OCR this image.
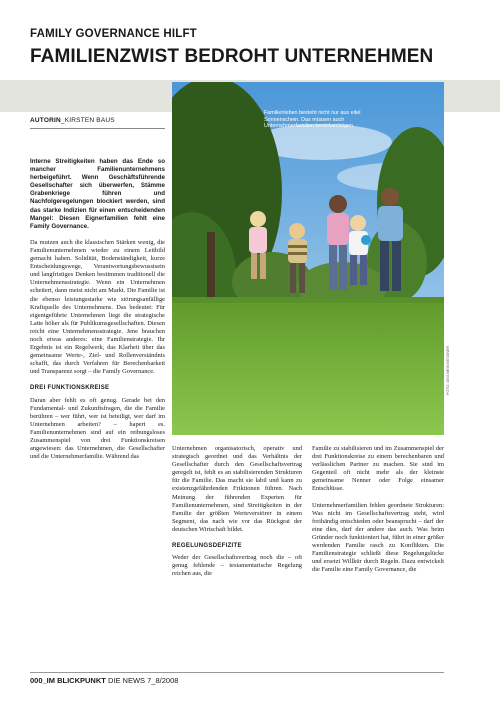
FAMILY GOVERNANCE HILFT
FAMILIENZWIST BEDROHT UNTERNEHMEN
AUTORIN_KIRSTEN BAUS
Familienleben besteht nicht nur aus eitel Sonnenschein. Das müssen auch Unternehmerfamilien berücksichtigen.
FOTO: DEA MEINGESSNER

Interne Streitigkeiten haben das Ende so mancher Familienunternehmens herbeigeführt. Wenn Geschäftsführende Gesellschafter sich überwerfen, Stämme Grabenkriege führen und Nachfolgeregelungen blockiert werden, sind das starke Indizien für einen entscheidenden Mangel: Diesen Eignerfamilien fehlt eine Family Governance.

Da mutzen auch die klassischen Stärken wenig, die Familienunternehmen wieder zu einem Leitbild gemacht haben. Solidität, Bodenständigkeit, kurze Entscheidungswege, Verantwortungsbewusstsein und langfristiges Denken bestimmen traditionell die Unternehmensstrategie. Wenn ein Unternehmen scheitert, dann meist nicht am Markt. Die Familie ist die ebenso leistungsstarke wie störungsanfällige Kraftquelle des Unternehmens. Das bedeutet: Für eigentgeführte Unternehmen liegt die strategische Latte höher als für Publikumsgesellschaften. Diesen reicht eine Unternehmensstrategie. Jene brauchen noch etwas anderes: eine Familienstrategie. Ihr Ergebnis ist ein Regelwerk, das Klarheit über das gemeinsame Werte-, Ziel- und Rollenverständnis schafft, das durch Verfahren für Berechenbarkeit und Transparenz sorgt – die Family Governance.

DREI FUNKTIONSKREISE

Daran aber fehlt es oft genug. Gerade bei den Fundamental- und Zukunftsfragen, die die Familie berühren – wer führt, wer ist beteiligt, wer darf im Unternehmen arbeiten? – hapert es. Familienunternehmen sind auf ein reibungsloses Zusammenspiel von drei Funktionskreisen angewiesen: das Unternehmen, die Gesellschafter und die Unternehmerfamilie. Während das

Unternehmen organisatorisch, operativ und strategisch geordnet und das Verhältnis der Gesellschafter durch den Gesellschaftsvertrag geregelt ist, fehlt es an stabilisierenden Strukturen für die Familie. Das macht sie labil und kann zu existenzgefährdenden Friktionen führen. Nach Meinung der führenden Experten für Familienunternehmen, sind Streitigkeiten in der Familie der größten Werteverstörer in einem Segment, das nach wie vor das Rückgrat der deutschen Wirtschaft bildet.

REGELUNGSDEFIZITE

Weder der Gesellschaftsvertrag noch die – oft genug fehlende – testamentarische Regelung reichen aus, die

Familie zu stabilisieren und im Zusammenspiel der drei Funktionskreise zu einem berechenbaren und verlässlichen Partner zu machen. Sie sind im Gegenteil oft nicht mehr als der kleinste gemeinsame Nenner oder Folge einsamer Entschlüsse.

Unternehmerfamilien fehlen geordnete Strukturen: Was nicht im Gesellschaftsvertrag steht, wird freihändig entschieden oder beansprucht – darf der eine dies, darf der andere das auch. Was beim Gründer noch funktioniert hat, führt in einer größer werdenden Familie rasch zu Konflikten. Die Familienstrategie schließt diese Regelungslücke und ersetzt Willkür durch Regeln. Dazu entwickelt die Familie eine Family Governance, die

000_IM BLICKPUNKT DIE NEWS 7_8/2008
